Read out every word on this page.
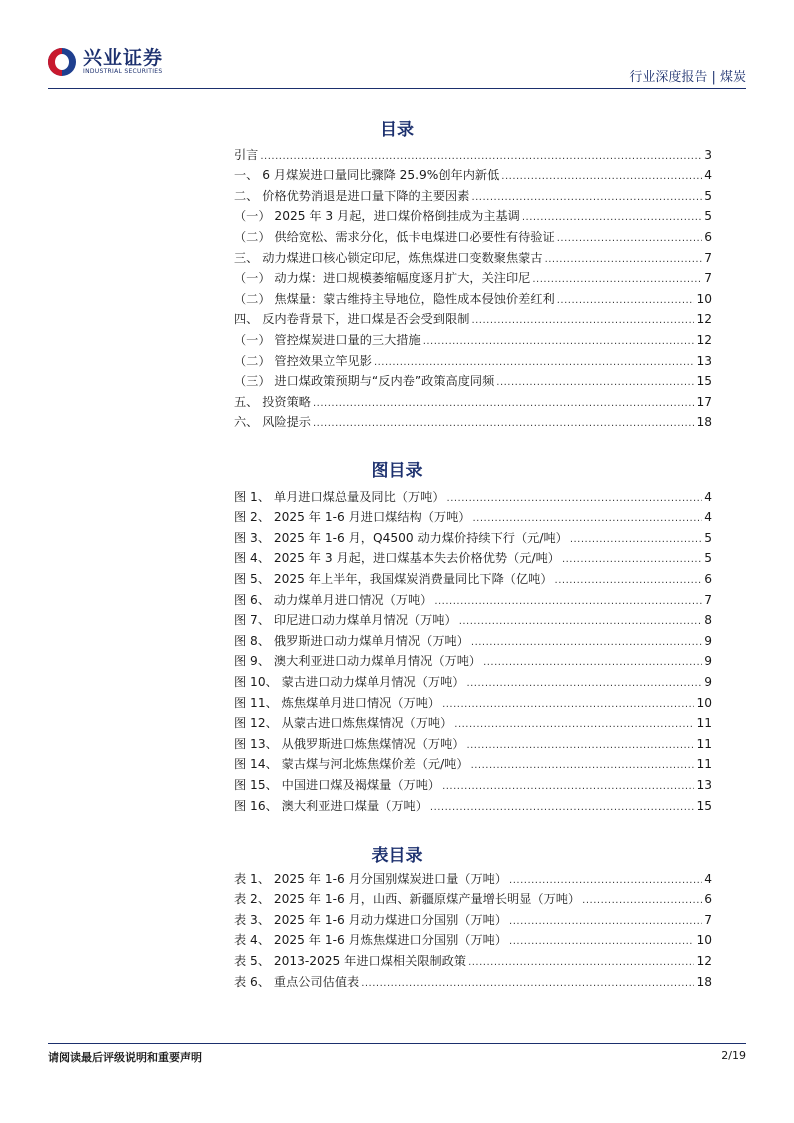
兴业证券
INDUSTRIAL SECURITIES	行业深度报告 | 煤炭
目录
引言 .....	3
一、 6 月煤炭进口量同比骤降 25.9%创年内新低 .....	4
二、 价格优势消退是进口量下降的主要因素 .....	5
（一） 2025 年 3 月起，进口煤价格倒挂成为主基调 .....	5
（二） 供给宽松、需求分化，低卡电煤进口必要性有待验证 .....	6
三、 动力煤进口核心锁定印尼，炼焦煤进口变数聚焦蒙古 .....	7
（一） 动力煤：进口规模萎缩幅度逐月扩大，关注印尼 .....	7
（二） 焦煤量：蒙古维持主导地位，隐性成本侵蚀价差红利 .....	10
四、 反内卷背景下，进口煤是否会受到限制 .....	12
（一） 管控煤炭进口量的三大措施 .....	12
（二） 管控效果立竿见影 .....	13
（三） 进口煤政策预期与“反内卷”政策高度同频 .....	15
五、 投资策略 .....	17
六、 风险提示 .....	18
图目录
图 1、 单月进口煤总量及同比（万吨） .....	4
图 2、 2025 年 1-6 月进口煤结构（万吨） .....	4
图 3、 2025 年 1-6 月，Q4500 动力煤价持续下行（元/吨） .....	5
图 4、 2025 年 3 月起，进口煤基本失去价格优势（元/吨） .....	5
图 5、 2025 年上半年，我国煤炭消费量同比下降（亿吨） .....	6
图 6、 动力煤单月进口情况（万吨） .....	7
图 7、 印尼进口动力煤单月情况（万吨） .....	8
图 8、 俄罗斯进口动力煤单月情况（万吨） .....	9
图 9、 澳大利亚进口动力煤单月情况（万吨） .....	9
图 10、 蒙古进口动力煤单月情况（万吨） .....	9
图 11、 炼焦煤单月进口情况（万吨） .....	10
图 12、 从蒙古进口炼焦煤情况（万吨） .....	11
图 13、 从俄罗斯进口炼焦煤情况（万吨） .....	11
图 14、 蒙古煤与河北炼焦煤价差（元/吨） .....	11
图 15、 中国进口煤及褐煤量（万吨） .....	13
图 16、 澳大利亚进口煤量（万吨） .....	15
表目录
表 1、 2025 年 1-6 月分国别煤炭进口量（万吨） .....	4
表 2、 2025 年 1-6 月，山西、新疆原煤产量增长明显（万吨） .....	6
表 3、 2025 年 1-6 月动力煤进口分国别（万吨） .....	7
表 4、 2025 年 1-6 月炼焦煤进口分国别（万吨） .....	10
表 5、 2013-2025 年进口煤相关限制政策 .....	12
表 6、 重点公司估值表 .....	18
请阅读最后评级说明和重要声明	2/19
